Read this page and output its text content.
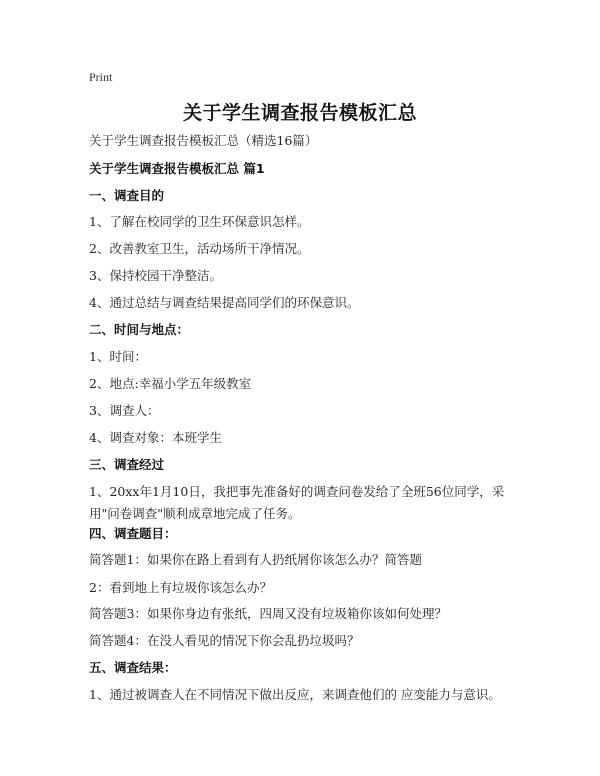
Print
关于学生调查报告模板汇总
关于学生调查报告模板汇总（精选16篇）
关于学生调查报告模板汇总 篇1
一、调查目的
1、了解在校同学的卫生环保意识怎样。
2、改善教室卫生，活动场所干净情况。
3、保持校园干净整洁。
4、通过总结与调查结果提高同学们的环保意识。
二、时间与地点：
1、时间：
2、地点:幸福小学五年级教室
3、调查人：
4、调查对象：本班学生
三、调查经过
1、20xx年1月10日，我把事先准备好的调查问卷发给了全班56位同学，采用"问卷调查"顺利成章地完成了任务。
四、调查题目：
简答题1：如果你在路上看到有人扔纸屑你该怎么办？简答题
2：看到地上有垃圾你该怎么办？
简答题3：如果你身边有张纸，四周又没有垃圾箱你该如何处理？
简答题4：在没人看见的情况下你会乱扔垃圾吗？
五、调查结果：
1、通过被调查人在不同情况下做出反应，来调查他们的 应变能力与意识。
